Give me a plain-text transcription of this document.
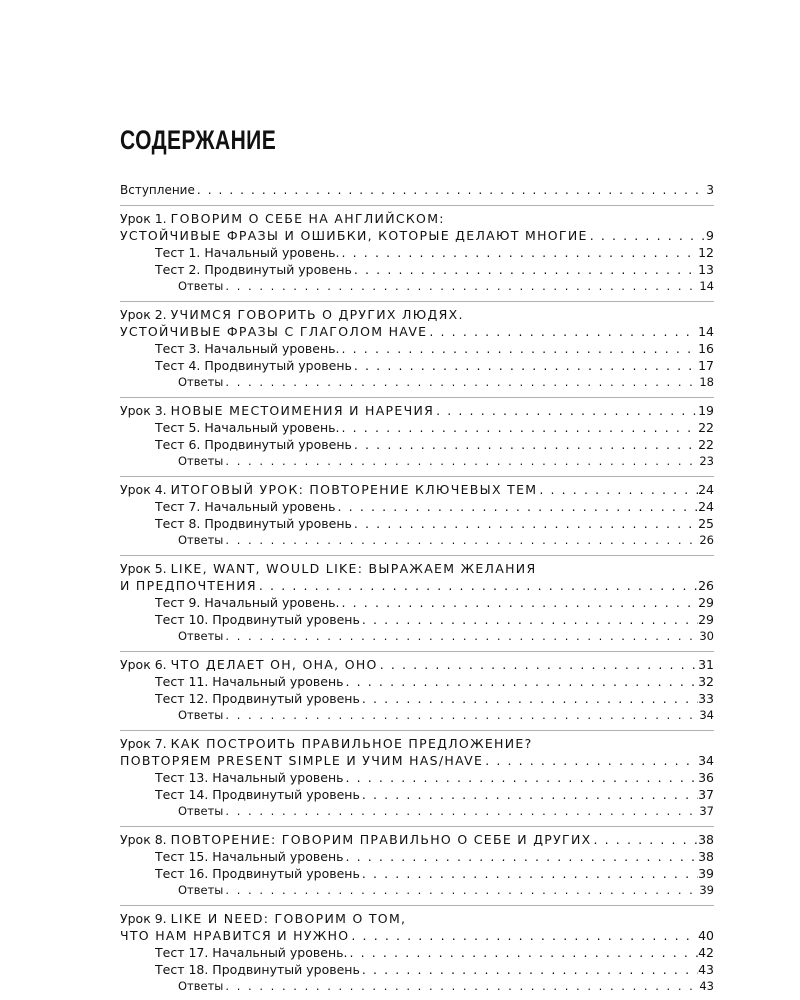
СОДЕРЖАНИЕ
Вступление . . .	3
Урок 1. ГОВОРИМ О СЕБЕ НА АНГЛИЙСКОМ:
УСТОЙЧИВЫЕ ФРАЗЫ И ОШИБКИ, КОТОРЫЕ ДЕЛАЮТ МНОГИЕ . . .	9
Тест 1. Начальный уровень. . . .	12
Тест 2. Продвинутый уровень . . .	13
Ответы . . .	14
Урок 2. УЧИМСЯ ГОВОРИТЬ О ДРУГИХ ЛЮДЯХ.
УСТОЙЧИВЫЕ ФРАЗЫ С ГЛАГОЛОМ HAVE . . .	14
Тест 3. Начальный уровень. . . .	16
Тест 4. Продвинутый уровень . . .	17
Ответы . . .	18
Урок 3. НОВЫЕ МЕСТОИМЕНИЯ И НАРЕЧИЯ . . .	19
Тест 5. Начальный уровень. . . .	22
Тест 6. Продвинутый уровень . . .	22
Ответы . . .	23
Урок 4. ИТОГОВЫЙ УРОК: ПОВТОРЕНИЕ КЛЮЧЕВЫХ ТЕМ . . .	24
Тест 7. Начальный уровень . . .	24
Тест 8. Продвинутый уровень . . .	25
Ответы . . .	26
Урок 5. LIKE, WANT, WOULD LIKE: ВЫРАЖАЕМ ЖЕЛАНИЯ
И ПРЕДПОЧТЕНИЯ . . .	26
Тест 9. Начальный уровень. . . .	29
Тест 10. Продвинутый уровень . . .	29
Ответы . . .	30
Урок 6. ЧТО ДЕЛАЕТ ОН, ОНА, ОНО . . .	31
Тест 11. Начальный уровень . . .	32
Тест 12. Продвинутый уровень . . .	33
Ответы . . .	34
Урок 7. КАК ПОСТРОИТЬ ПРАВИЛЬНОЕ ПРЕДЛОЖЕНИЕ?
ПОВТОРЯЕМ PRESENT SIMPLE И УЧИМ HAS/HAVE . . .	34
Тест 13. Начальный уровень . . .	36
Тест 14. Продвинутый уровень . . .	37
Ответы . . .	37
Урок 8. ПОВТОРЕНИЕ: ГОВОРИМ ПРАВИЛЬНО О СЕБЕ И ДРУГИХ . . .	38
Тест 15. Начальный уровень . . .	38
Тест 16. Продвинутый уровень . . .	39
Ответы . . .	39
Урок 9. LIKE И NEED: ГОВОРИМ О ТОМ,
ЧТО НАМ НРАВИТСЯ И НУЖНО . . .	40
Тест 17. Начальный уровень. . . .	42
Тест 18. Продвинутый уровень . . .	43
Ответы . . .	43
